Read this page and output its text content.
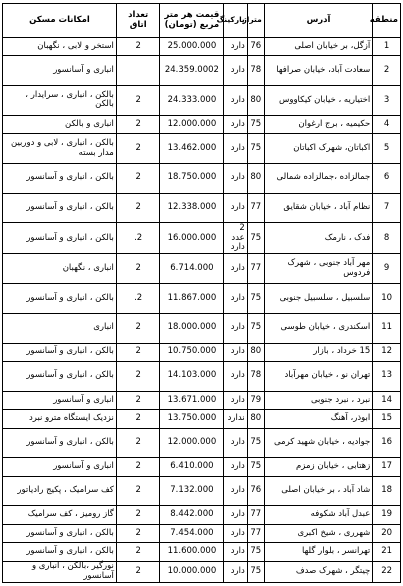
امکانات مسکن	تعداد اتاق	قیمت هر متر مربع (تومان)	پارکینگ	متراژ	آدرس	منطقه
استخر و لابی ، نگهبان	2	25.000.000	دارد	76	آزگل، بر خیابان اصلی	1
انباری و آسانسور		24.359.0002	دارد	78	سعادت آباد، خیابان صرافها	2
بالکن ، انباری ، سرایدار ، بالکن	2	24.333.000	دارد	80	اختیاریه ، خیابان کیکاووس	3
انباری و بالکن	2	12.000.000	دارد	75	حکیمیه ، برج ارغوان	4
بالکن ، انباری ، لابی و دوربین مدار بسته	2	13.462.000	دارد	75	اکباتان، شهرک اکباتان	5
بالکن ، انباری و آسانسور	2	18.750.000	دارد	80	جمالزاده ،جمالزاده شمالی	6
بالکن ، انباری و آسانسور	2	12.338.000	دارد	77	نظام آباد ، خیابان شقایق	7
بالکن ، انباری و آسانسور	.2	16.000.000	2 عدد دارد	75	فدک ، نارمک	8
انباری ، نگهبان	2	6.714.000	دارد	77	مهر آباد جنوبی ، شهرک فردوس	9
بالکن ، انباری و آسانسور	.2	11.867.000	دارد	75	سلسبیل ، سلسبیل جنوبی	10
انباری	2	18.000.000	دارد	75	اسکندری ، خیابان طوسی	11
بالکن ، انباری و آسانسور	2	10.750.000	دارد	80	15 خرداد ، بازار	12
بالکن ، انباری و آسانسور	2	14.103.000	دارد	78	تهران نو ، خیابان مهرآباد	13
انباری و آسانسور	2	13.671.000	دارد	79	نبرد ، نبرد جنوبی	14
نزدیک ایستگاه مترو نبرد	2	13.750.000	ندارد	80	ابوذر، آهنگ	15
بالکن ، انباری و آسانسور	2	12.000.000	دارد	75	جوادیه ، خیابان شهید کرمی	16
انباری و آسانسور	2	6.410.000	دارد	75	زهتابی ، خیابان زمزم	17
کف سرامیک ، پکیج رادیاتور	2	7.132.000	دارد	76	شاد آباد ، بر خیابان اصلی	18
گاز رومیز ، کف سرامیک	2	8.442.000	دارد	77	عبدل آباد شکوفه	19
بالکن ، انباری و آسانسور	2	7.454.000	دارد	77	شهرری ، شیخ اکبری	20
بالکن ، انباری و آسانسور	2	11.600.000	دارد	75	تهرانسر ، بلوار گلها	21
نورگیر ،بالکن ، انباری و آسانسور	2	10.000.000	دارد	75	چیتگر ، شهرک صدف	22
